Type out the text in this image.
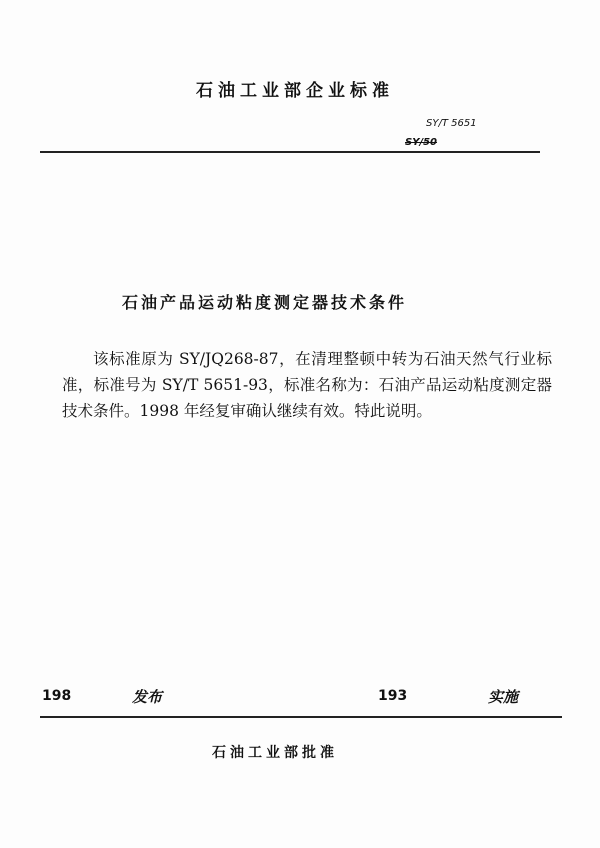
石油工业部企业标准
SY/T 5651
SY/50
石油产品运动粘度测定器技术条件

该标准原为 SY/JQ268-87，在清理整顿中转为石油天然气行业标准，标准号为 SY/T 5651-93，标准名称为：石油产品运动粘度测定器技术条件。1998 年经复审确认继续有效。特此说明。

198	发布	193	实施
石油工业部批准
